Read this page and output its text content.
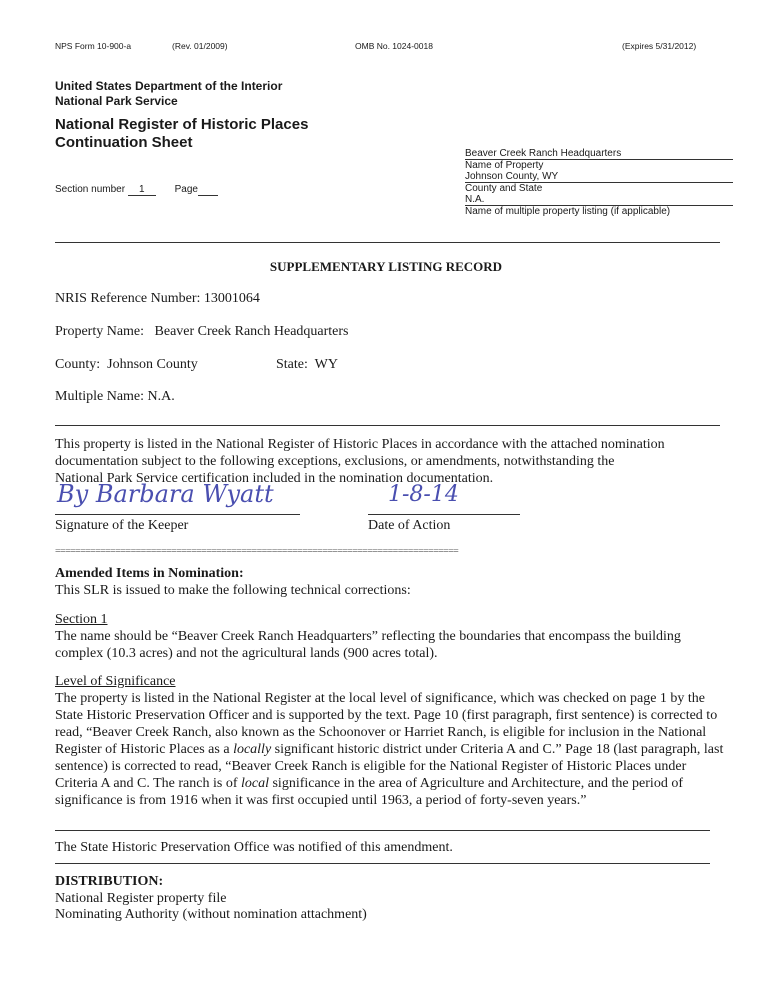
NPS Form 10-900-a	(Rev. 01/2009)	OMB No. 1024-0018	(Expires 5/31/2012)
United States Department of the Interior
National Park Service
National Register of Historic Places
Continuation Sheet
Section number 1	Page
Beaver Creek Ranch Headquarters
Name of Property
Johnson County, WY
County and State
N.A.
Name of multiple property listing (if applicable)
SUPPLEMENTARY LISTING RECORD

NRIS Reference Number: 13001064

Property Name: Beaver Creek Ranch Headquarters

County: Johnson County	State: WY

Multiple Name: N.A.

This property is listed in the National Register of Historic Places in accordance with the attached nomination documentation subject to the following exceptions, exclusions, or amendments, notwithstanding the National Park Service certification included in the nomination documentation.

By Barbara Wyatt

Signature of the Keeper

1-8-14

Date of Action

================================================================================

Amended Items in Nomination:

This SLR is issued to make the following technical corrections:

Section 1

The name should be “Beaver Creek Ranch Headquarters” reflecting the boundaries that encompass the building complex (10.3 acres) and not the agricultural lands (900 acres total).

Level of Significance

The property is listed in the National Register at the local level of significance, which was checked on page 1 by the State Historic Preservation Officer and is supported by the text. Page 10 (first paragraph, first sentence) is corrected to read, “Beaver Creek Ranch, also known as the Schoonover or Harriet Ranch, is eligible for inclusion in the National Register of Historic Places as a locally significant historic district under Criteria A and C.” Page 18 (last paragraph, last sentence) is corrected to read, “Beaver Creek Ranch is eligible for the National Register of Historic Places under Criteria A and C. The ranch is of local significance in the area of Agriculture and Architecture, and the period of significance is from 1916 when it was first occupied until 1963, a period of forty-seven years.”

The State Historic Preservation Office was notified of this amendment.

DISTRIBUTION:

National Register property file

Nominating Authority (without nomination attachment)
